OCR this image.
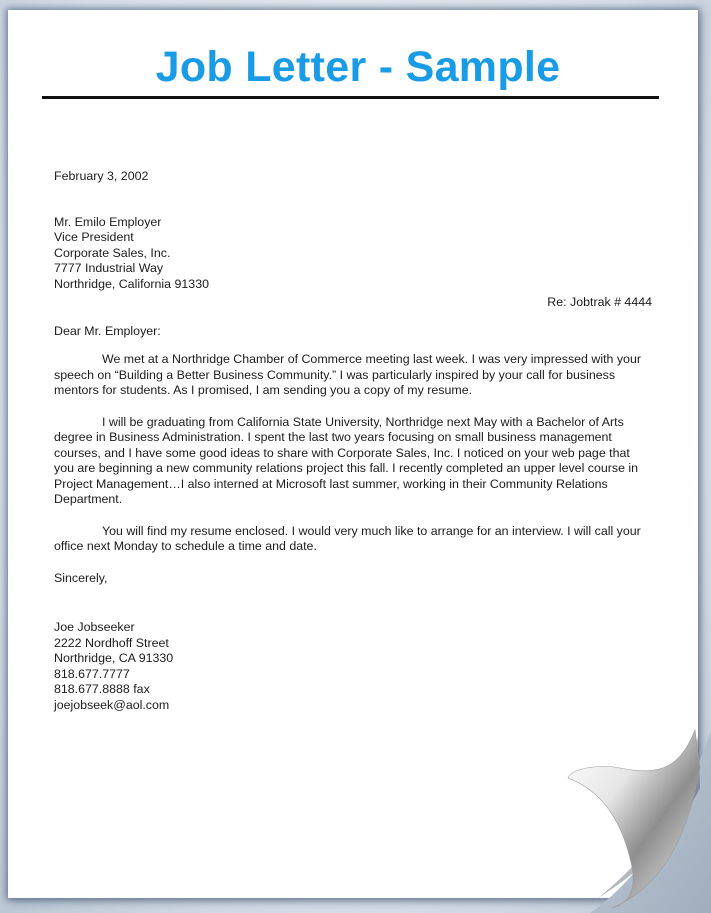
Job Letter - Sample
February 3, 2002
Mr. Emilo Employer
Vice President
Corporate Sales, Inc.
7777 Industrial Way
Northridge, California 91330
Re: Jobtrak # 4444
Dear Mr. Employer:
We met at a Northridge Chamber of Commerce meeting last week. I was very impressed with your
speech on “Building a Better Business Community.” I was particularly inspired by your call for business
mentors for students. As I promised, I am sending you a copy of my resume.
I will be graduating from California State University, Northridge next May with a Bachelor of Arts
degree in Business Administration. I spent the last two years focusing on small business management
courses, and I have some good ideas to share with Corporate Sales, Inc. I noticed on your web page that
you are beginning a new community relations project this fall. I recently completed an upper level course in
Project Management…I also interned at Microsoft last summer, working in their Community Relations
Department.
You will find my resume enclosed. I would very much like to arrange for an interview. I will call your
office next Monday to schedule a time and date.
Sincerely,
Joe Jobseeker
2222 Nordhoff Street
Northridge, CA 91330
818.677.7777
818.677.8888 fax
joejobseek@aol.com
